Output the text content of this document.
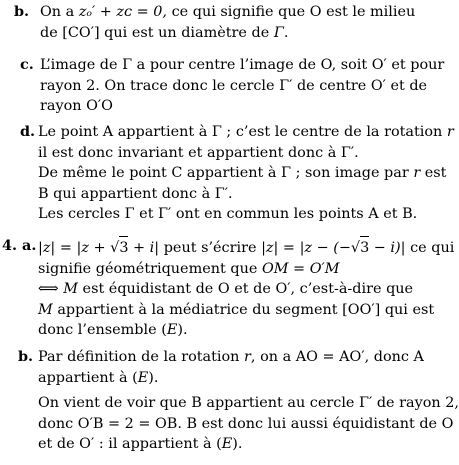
b. On a zₒ′ + zᴄ = 0, ce qui signifie que O est le milieu
de [CO′] qui est un diamètre de Γ.
c. L’image de Γ a pour centre l’image de O, soit O′ et pour
rayon 2. On trace donc le cercle Γ′ de centre O′ et de
rayon O′O
d. Le point A appartient à Γ ; c’est le centre de la rotation r
il est donc invariant et appartient donc à Γ′.
De même le point C appartient à Γ ; son image par r est
B qui appartient donc à Γ′.
Les cercles Γ et Γ′ ont en commun les points A et B.
4. a. |z| = |z + √3 + i| peut s’écrire |z| = |z − (−√3 − i)| ce qui
signifie géométriquement que OM = O′M
⟺ M est équidistant de O et de O′, c’est-à-dire que
M appartient à la médiatrice du segment [OO′] qui est
donc l’ensemble (E).
b. Par définition de la rotation r, on a AO = AO′, donc A
appartient à (E).
On vient de voir que B appartient au cercle Γ′ de rayon 2,
donc O′B = 2 = OB. B est donc lui aussi équidistant de O
et de O′ : il appartient à (E).
